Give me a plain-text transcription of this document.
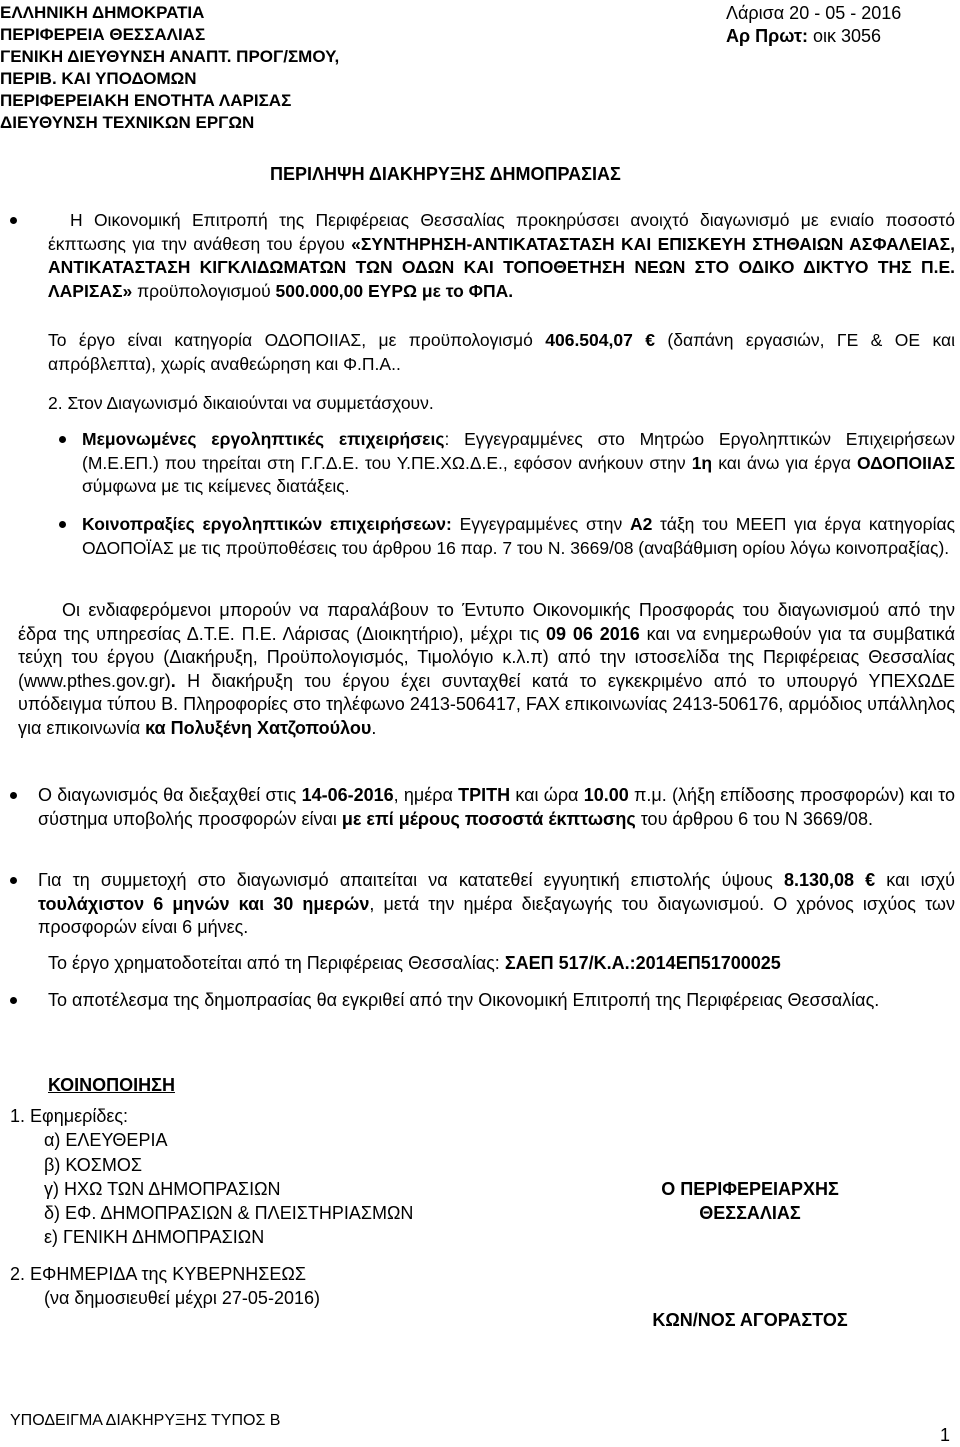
ΕΛΛΗΝΙΚΗ ΔΗΜΟΚΡΑΤΙΑ
ΠΕΡΙΦΕΡΕΙΑ ΘΕΣΣΑΛΙΑΣ
ΓΕΝΙΚΗ ΔΙΕΥΘΥΝΣΗ ΑΝΑΠΤ. ΠΡΟΓ/ΣΜΟΥ,
ΠΕΡΙΒ. ΚΑΙ ΥΠΟΔΟΜΩΝ
ΠΕΡΙΦΕΡΕΙΑΚΗ ΕΝΟΤΗΤΑ ΛΑΡΙΣΑΣ
ΔΙΕΥΘΥΝΣΗ ΤΕΧΝΙΚΩΝ ΕΡΓΩΝ
Λάρισα 20 - 05 - 2016
Αρ Πρωτ: οικ 3056
ΠΕΡΙΛΗΨΗ ΔΙΑΚΗΡΥΞΗΣ ΔΗΜΟΠΡΑΣΙΑΣ
Η Οικονομική Επιτροπή της Περιφέρειας Θεσσαλίας προκηρύσσει ανοιχτό διαγωνισμό με ενιαίο ποσοστό έκπτωσης για την ανάθεση του έργου «ΣΥΝΤΗΡΗΣΗ-ΑΝΤΙΚΑΤΑΣΤΑΣΗ ΚΑΙ ΕΠΙΣΚΕΥΗ ΣΤΗΘΑΙΩΝ ΑΣΦΑΛΕΙΑΣ, ΑΝΤΙΚΑΤΑΣΤΑΣΗ ΚΙΓΚΛΙΔΩΜΑΤΩΝ ΤΩΝ ΟΔΩΝ ΚΑΙ ΤΟΠΟΘΕΤΗΣΗ ΝΕΩΝ ΣΤΟ ΟΔΙΚΟ ΔΙΚΤΥΟ ΤΗΣ Π.Ε. ΛΑΡΙΣΑΣ» προϋπολογισμού 500.000,00 ΕΥΡΩ με το ΦΠΑ.
Το έργο είναι κατηγορία ΟΔΟΠΟΙΙΑΣ, με προϋπολογισμό 406.504,07 € (δαπάνη εργασιών, ΓΕ & ΟΕ και απρόβλεπτα), χωρίς αναθεώρηση και Φ.Π.Α..
2. Στον Διαγωνισμό δικαιούνται να συμμετάσχουν.
Μεμονωμένες εργοληπτικές επιχειρήσεις: Εγγεγραμμένες στο Μητρώο Εργοληπτικών Επιχειρήσεων (Μ.Ε.ΕΠ.) που τηρείται στη Γ.Γ.Δ.Ε. του Υ.ΠΕ.ΧΩ.Δ.Ε., εφόσον ανήκουν στην 1η και άνω για έργα ΟΔΟΠΟΙΙΑΣ σύμφωνα με τις κείμενες διατάξεις.
Κοινοπραξίες εργοληπτικών επιχειρήσεων: Εγγεγραμμένες στην Α2 τάξη του ΜΕΕΠ για έργα κατηγορίας ΟΔΟΠΟΪΑΣ με τις προϋποθέσεις του άρθρου 16 παρ. 7 του Ν. 3669/08 (αναβάθμιση ορίου λόγω κοινοπραξίας).
Οι ενδιαφερόμενοι μπορούν να παραλάβουν το Έντυπο Οικονομικής Προσφοράς του διαγωνισμού από την έδρα της υπηρεσίας Δ.Τ.Ε. Π.Ε. Λάρισας (Διοικητήριο), μέχρι τις 09 06 2016 και να ενημερωθούν για τα συμβατικά τεύχη του έργου (Διακήρυξη, Προϋπολογισμός, Τιμολόγιο κ.λ.π) από την ιστοσελίδα της Περιφέρειας Θεσσαλίας (www.pthes.gov.gr). Η διακήρυξη του έργου έχει συνταχθεί κατά το εγκεκριμένο από το υπουργό ΥΠΕΧΩΔΕ υπόδειγμα τύπου Β. Πληροφορίες στο τηλέφωνο 2413-506417, FAX επικοινωνίας 2413-506176, αρμόδιος υπάλληλος για επικοινωνία κα Πολυξένη Χατζοπούλου.
Ο διαγωνισμός θα διεξαχθεί στις 14-06-2016, ημέρα ΤΡΙΤΗ και ώρα 10.00 π.μ. (λήξη επίδοσης προσφορών) και το σύστημα υποβολής προσφορών είναι με επί μέρους ποσοστά έκπτωσης του άρθρου 6 του Ν 3669/08.
Για τη συμμετοχή στο διαγωνισμό απαιτείται να κατατεθεί εγγυητική επιστολής ύψους 8.130,08 € και ισχύ τουλάχιστον 6 μηνών και 30 ημερών, μετά την ημέρα διεξαγωγής του διαγωνισμού. Ο χρόνος ισχύος των προσφορών είναι 6 μήνες.
Το έργο χρηματοδοτείται από τη Περιφέρειας Θεσσαλίας: ΣΑΕΠ 517/Κ.Α.:2014ΕΠ51700025
Το αποτέλεσμα της δημοπρασίας θα εγκριθεί από την Οικονομική Επιτροπή της Περιφέρειας Θεσσαλίας.
ΚΟΙΝΟΠΟΙΗΣΗ
1. Εφημερίδες:
α) ΕΛΕΥΘΕΡΙΑ
β) ΚΟΣΜΟΣ
γ) ΗΧΩ ΤΩΝ ΔΗΜΟΠΡΑΣΙΩΝ
δ) ΕΦ. ΔΗΜΟΠΡΑΣΙΩΝ & ΠΛΕΙΣΤΗΡΙΑΣΜΩΝ
ε) ΓΕΝΙΚΗ ΔΗΜΟΠΡΑΣΙΩΝ
2. ΕΦΗΜΕΡΙΔΑ της ΚΥΒΕΡΝΗΣΕΩΣ
(να δημοσιευθεί μέχρι 27-05-2016)
Ο ΠΕΡΙΦΕΡΕΙΑΡΧΗΣ
ΘΕΣΣΑΛΙΑΣ
ΚΩΝ/ΝΟΣ ΑΓΟΡΑΣΤΟΣ
ΥΠΟΔΕΙΓΜΑ ΔΙΑΚΗΡΥΞΗΣ ΤΥΠΟΣ Β
1
